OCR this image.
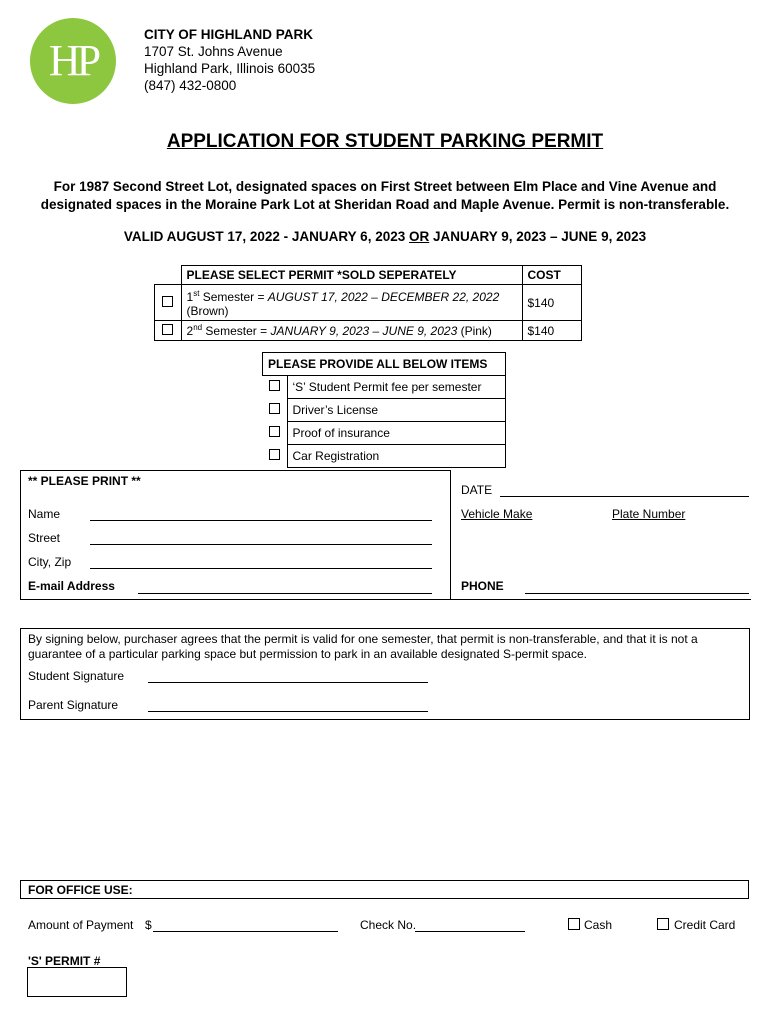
HP
CITY OF HIGHLAND PARK
1707 St. Johns Avenue
Highland Park, Illinois 60035
(847) 432-0800
APPLICATION FOR STUDENT PARKING PERMIT
For 1987 Second Street Lot, designated spaces on First Street between Elm Place and Vine Avenue and
designated spaces in the Moraine Park Lot at Sheridan Road and Maple Avenue. Permit is non-transferable.
VALID AUGUST 17, 2022 - JANUARY 6, 2023 OR JANUARY 9, 2023 – JUNE 9, 2023
	PLEASE SELECT PERMIT *SOLD SEPERATELY	COST
	1st Semester = AUGUST 17, 2022 – DECEMBER 22, 2022
(Brown)	$140
	2nd Semester = JANUARY 9, 2023 – JUNE 9, 2023 (Pink)	$140
PLEASE PROVIDE ALL BELOW ITEMS	
	‘S’ Student Permit fee per semester
	Driver’s License
	Proof of insurance
	Car Registration
** PLEASE PRINT **
Name
Street
City, Zip
E-mail Address
DATE
Vehicle Make	Plate Number
PHONE
By signing below, purchaser agrees that the permit is valid for one semester, that permit is non-transferable, and that it is not a guarantee of a particular parking space but permission to park in an available designated S-permit space.
Student Signature
Parent Signature
FOR OFFICE USE:
Amount of Payment $	Check No.	Cash	Credit Card
'S' PERMIT #
